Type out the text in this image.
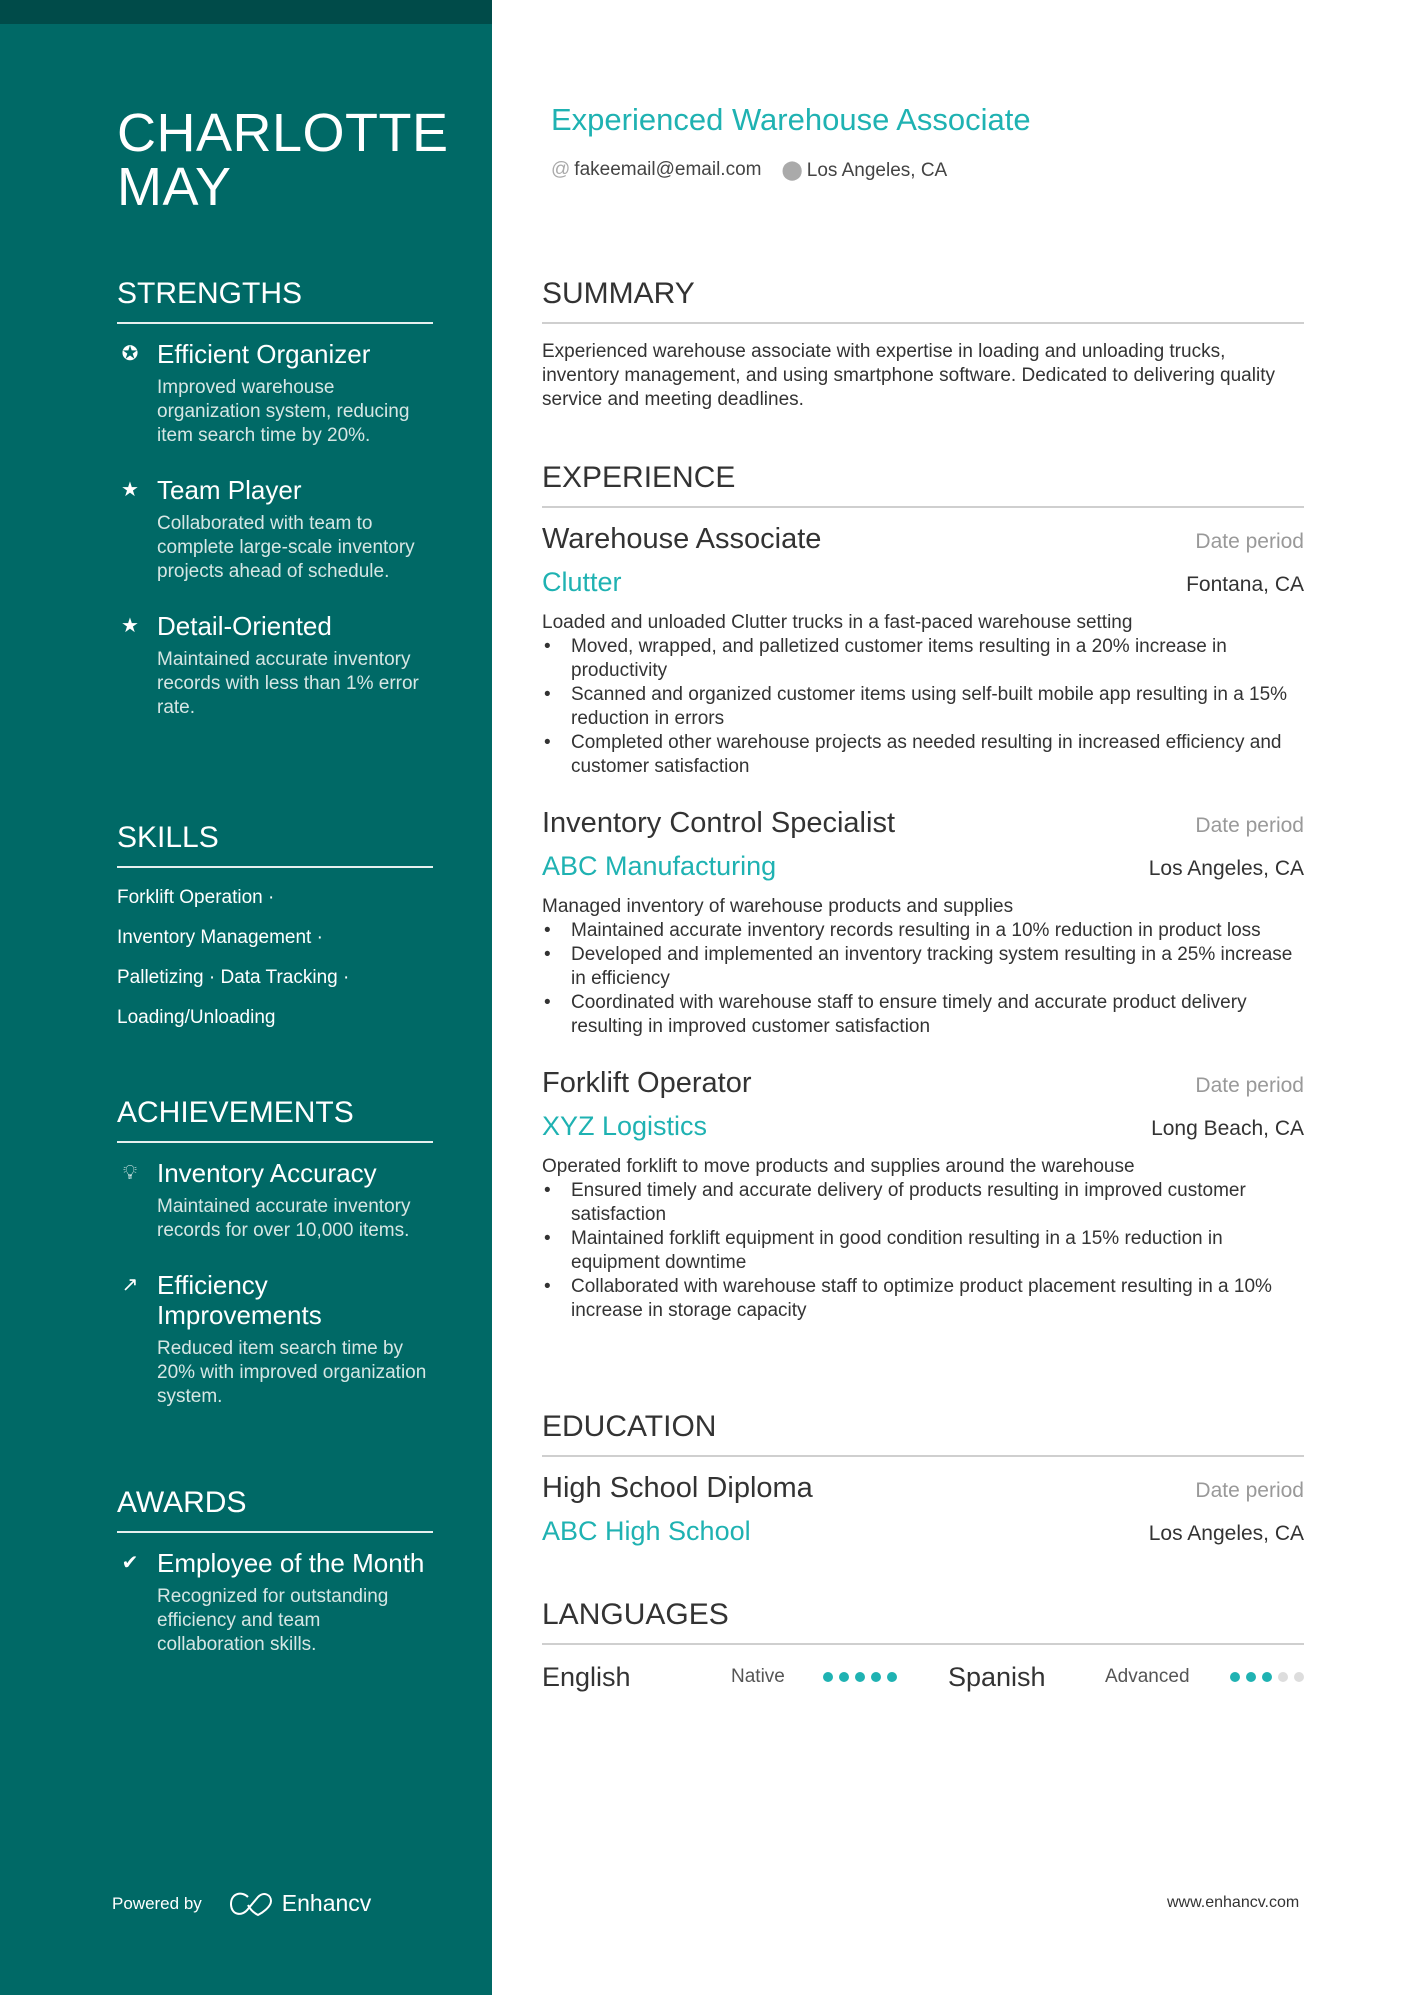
CHARLOTTE MAY
STRENGTHS
✪ Efficient Organizer
Improved warehouse organization system, reducing item search time by 20%.
★ Team Player
Collaborated with team to complete large-scale inventory projects ahead of schedule.
★ Detail-Oriented
Maintained accurate inventory records with less than 1% error rate.
SKILLS
Forklift Operation ·
Inventory Management ·
Palletizing · Data Tracking ·
Loading/Unloading
ACHIEVEMENTS
💡︎ Inventory Accuracy
Maintained accurate inventory records for over 10,000 items.
↗ Efficiency Improvements
Reduced item search time by 20% with improved organization system.
AWARDS
✔ Employee of the Month
Recognized for outstanding efficiency and team collaboration skills.
Powered by	Enhancv	www.enhancv.com
Experienced Warehouse Associate
@ fakeemail@email.com ⬤ Los Angeles, CA
SUMMARY

Experienced warehouse associate with expertise in loading and unloading trucks, inventory management, and using smartphone software. Dedicated to delivering quality service and meeting deadlines.

EXPERIENCE
Warehouse Associate	Date period
Clutter	Fontana, CA
Loaded and unloaded Clutter trucks in a fast-paced warehouse setting
• Moved, wrapped, and palletized customer items resulting in a 20% increase in productivity
• Scanned and organized customer items using self-built mobile app resulting in a 15% reduction in errors
• Completed other warehouse projects as needed resulting in increased efficiency and customer satisfaction
Inventory Control Specialist	Date period
ABC Manufacturing	Los Angeles, CA
Managed inventory of warehouse products and supplies
• Maintained accurate inventory records resulting in a 10% reduction in product loss
• Developed and implemented an inventory tracking system resulting in a 25% increase in efficiency
• Coordinated with warehouse staff to ensure timely and accurate product delivery resulting in improved customer satisfaction
Forklift Operator	Date period
XYZ Logistics	Long Beach, CA
Operated forklift to move products and supplies around the warehouse
• Ensured timely and accurate delivery of products resulting in improved customer satisfaction
• Maintained forklift equipment in good condition resulting in a 15% reduction in equipment downtime
• Collaborated with warehouse staff to optimize product placement resulting in a 10% increase in storage capacity
EDUCATION
High School Diploma	Date period
ABC High School	Los Angeles, CA
LANGUAGES
English	Native	Spanish	Advanced
